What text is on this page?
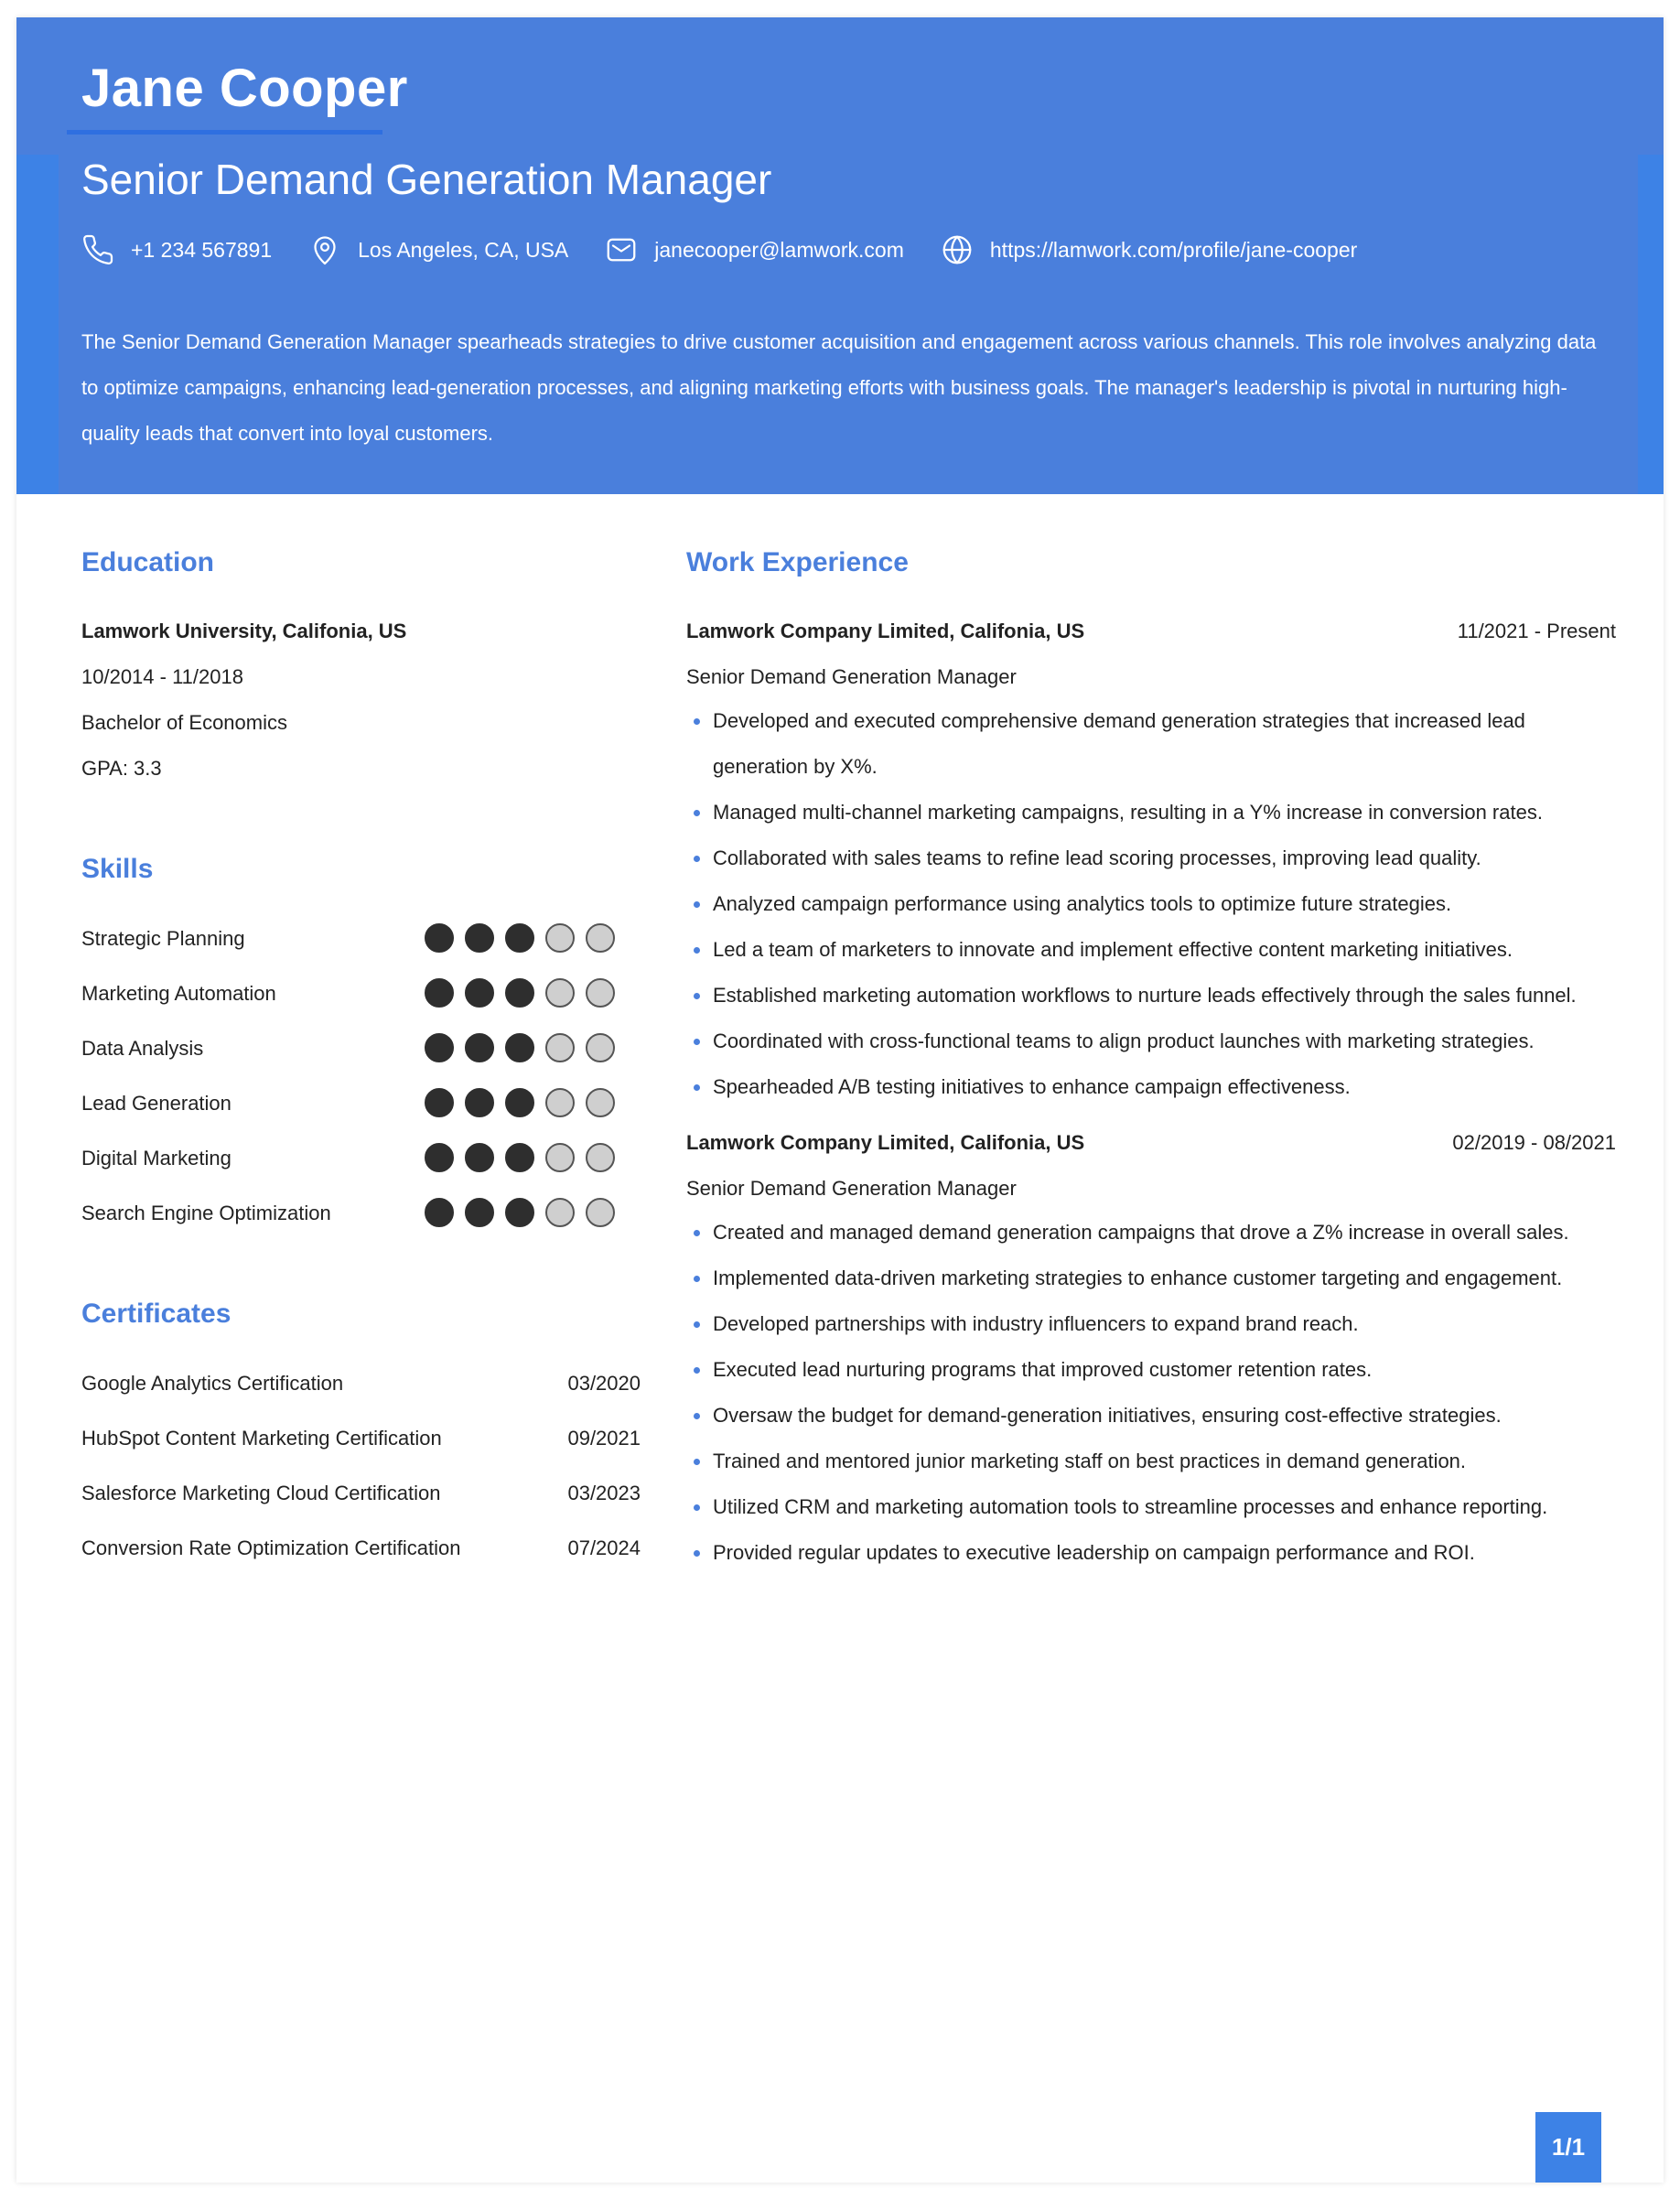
Jane Cooper
Senior Demand Generation Manager
+1 234 567891	Los Angeles, CA, USA	janecooper@lamwork.com	https://lamwork.com/profile/jane-cooper
The Senior Demand Generation Manager spearheads strategies to drive customer acquisition and engagement across various channels. This role involves analyzing data to optimize campaigns, enhancing lead-generation processes, and aligning marketing efforts with business goals. The manager's leadership is pivotal in nurturing high-quality leads that convert into loyal customers.
Education
Lamwork University, Califonia, US
10/2014 - 11/2018
Bachelor of Economics
GPA: 3.3
Skills
Strategic Planning
Marketing Automation
Data Analysis
Lead Generation
Digital Marketing
Search Engine Optimization
Certificates
Google Analytics Certification	03/2020
HubSpot Content Marketing Certification	09/2021
Salesforce Marketing Cloud Certification	03/2023
Conversion Rate Optimization Certification	07/2024
Work Experience
Lamwork Company Limited, Califonia, US	11/2021 - Present
Senior Demand Generation Manager
Developed and executed comprehensive demand generation strategies that increased lead generation by X%.
Managed multi-channel marketing campaigns, resulting in a Y% increase in conversion rates.
Collaborated with sales teams to refine lead scoring processes, improving lead quality.
Analyzed campaign performance using analytics tools to optimize future strategies.
Led a team of marketers to innovate and implement effective content marketing initiatives.
Established marketing automation workflows to nurture leads effectively through the sales funnel.
Coordinated with cross-functional teams to align product launches with marketing strategies.
Spearheaded A/B testing initiatives to enhance campaign effectiveness.
Lamwork Company Limited, Califonia, US	02/2019 - 08/2021
Senior Demand Generation Manager
Created and managed demand generation campaigns that drove a Z% increase in overall sales.
Implemented data-driven marketing strategies to enhance customer targeting and engagement.
Developed partnerships with industry influencers to expand brand reach.
Executed lead nurturing programs that improved customer retention rates.
Oversaw the budget for demand-generation initiatives, ensuring cost-effective strategies.
Trained and mentored junior marketing staff on best practices in demand generation.
Utilized CRM and marketing automation tools to streamline processes and enhance reporting.
Provided regular updates to executive leadership on campaign performance and ROI.
1/1
